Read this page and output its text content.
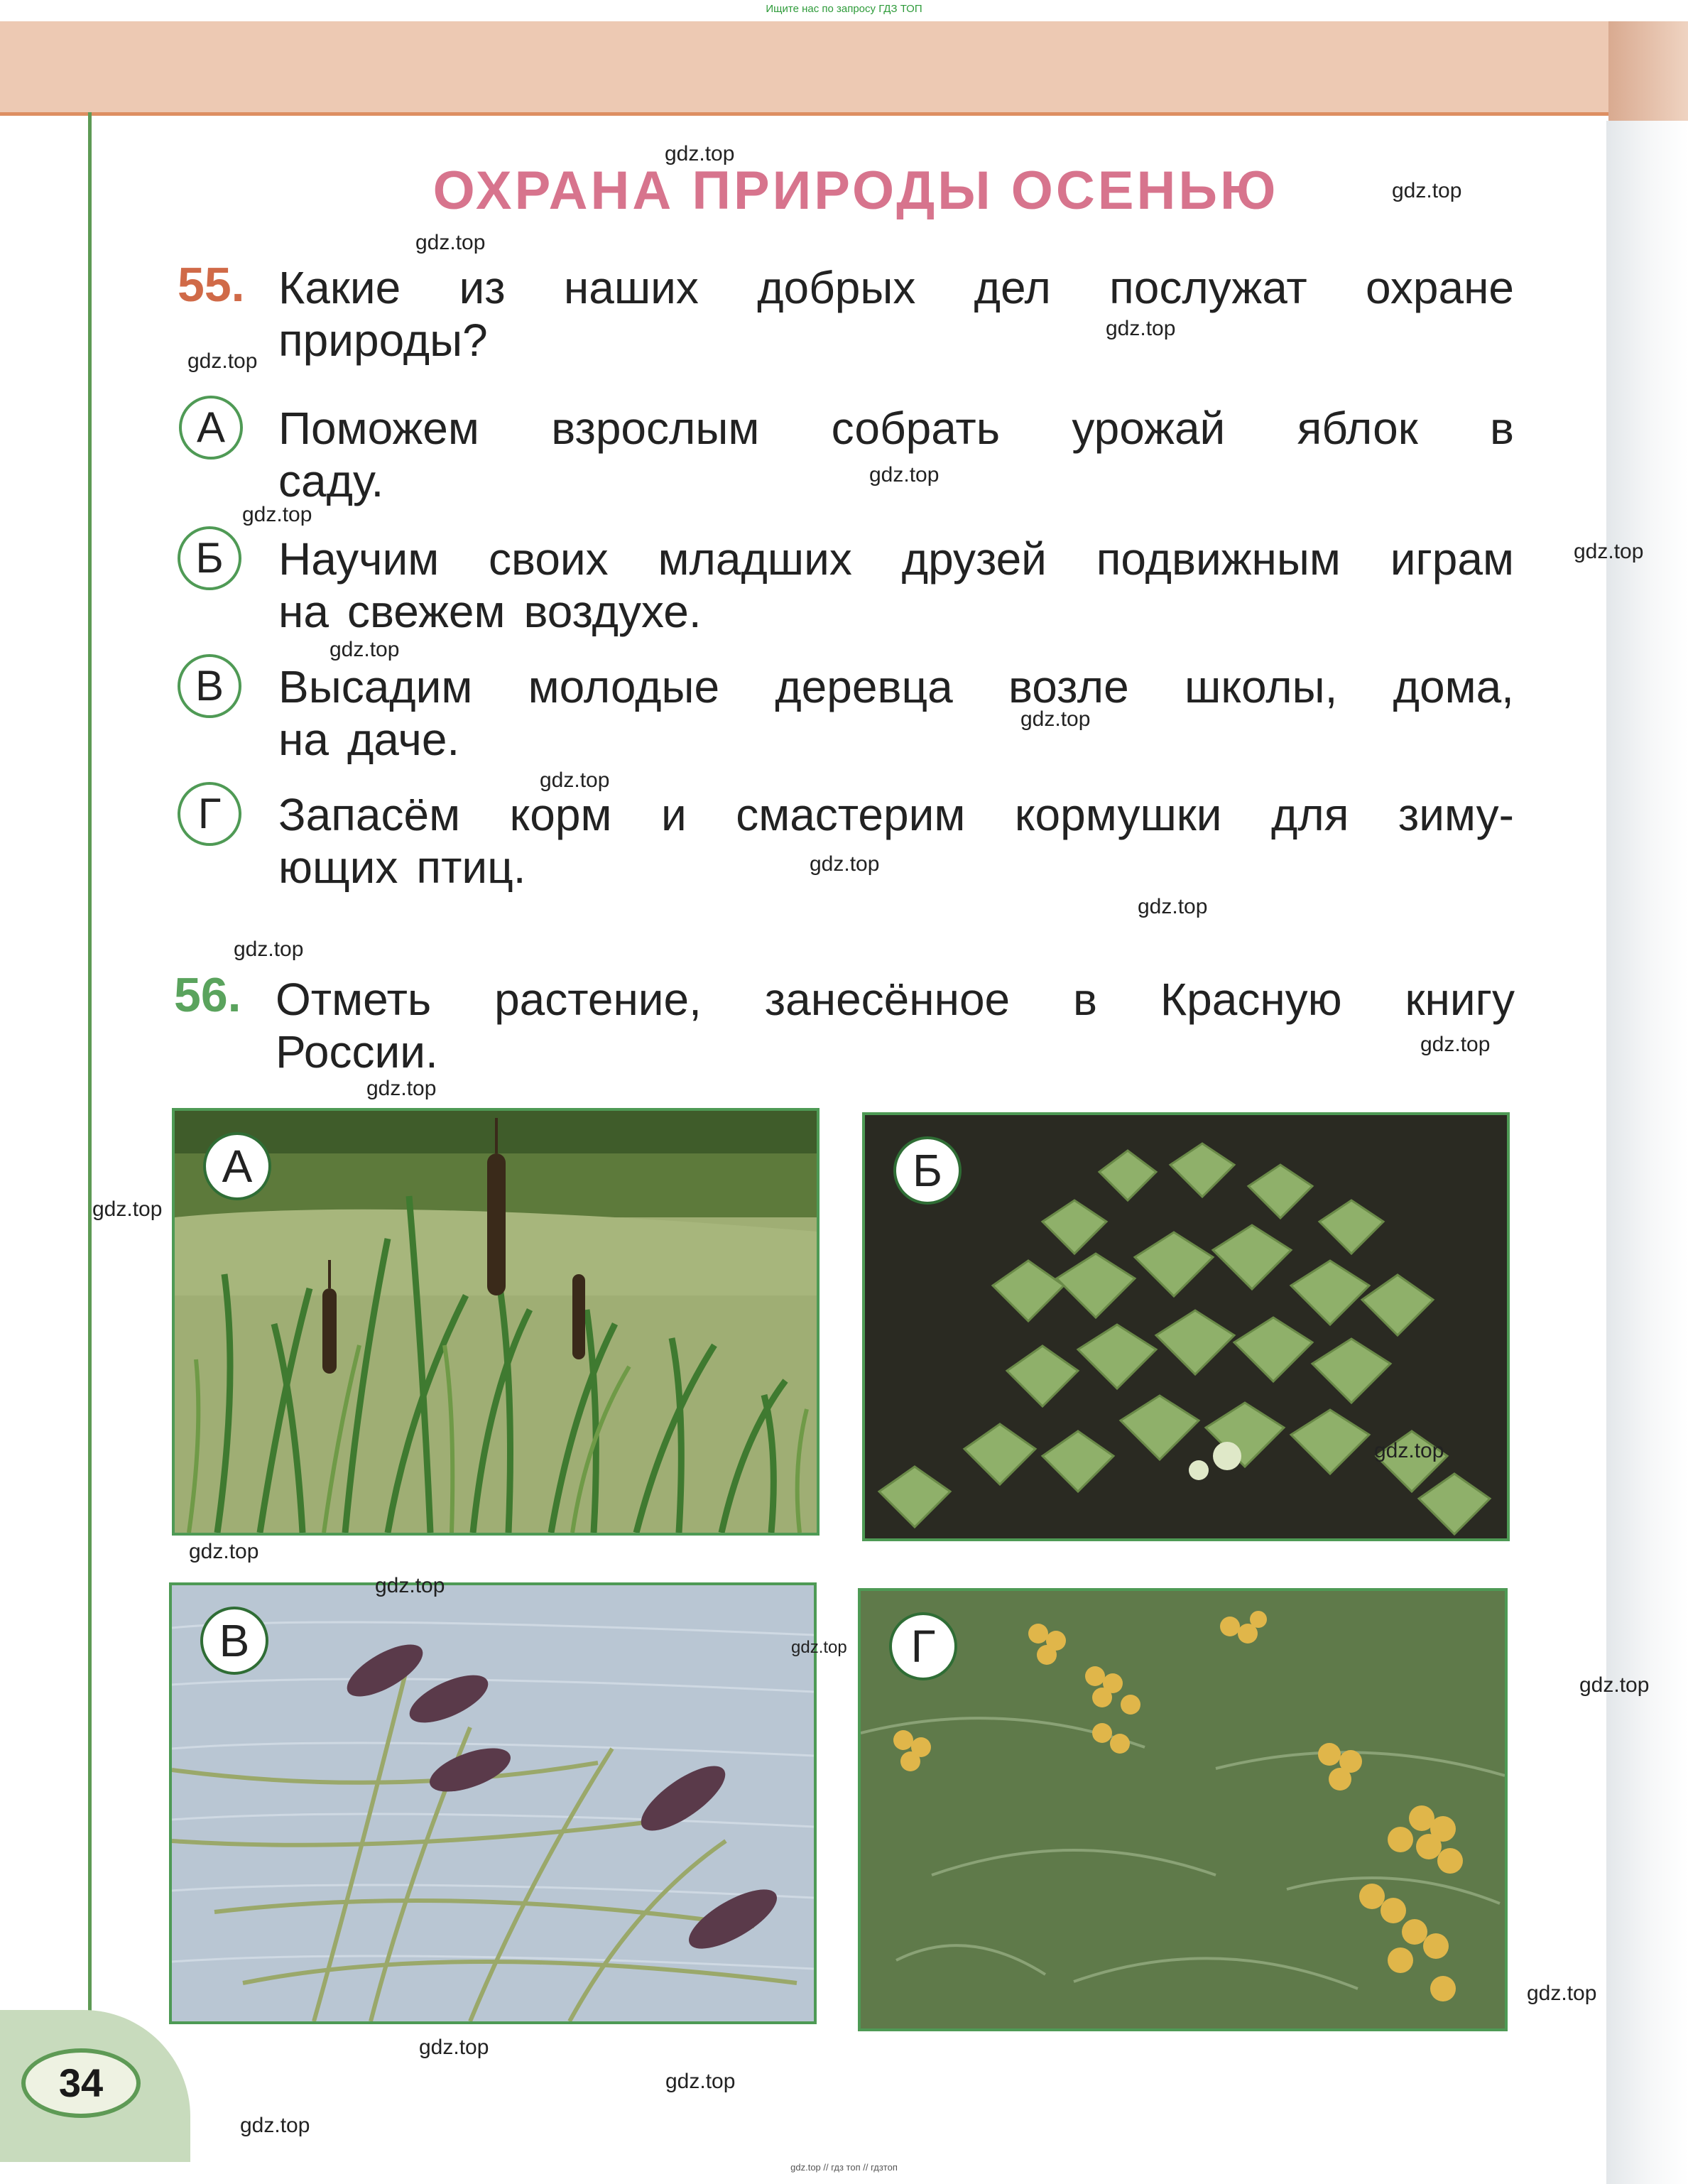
Ищите нас по запросу ГДЗ ТОП
34
gdz.top // гдз топ // гдзтоп
ОХРАНА ПРИРОДЫ ОСЕНЬЮ
55. Какие из наших добрых дел послужат охране
природы?
А	Поможем взрослым собрать урожай яблок в
саду.
Б	Научим своих младших друзей подвижным играм
на свежем воздухе.
В	Высадим молодые деревца возле школы, дома,
на даче.
Г	Запасём корм и смастерим кормушки для зиму-
ющих птиц.
56. Отметь растение, занесённое в Красную книгу
России.
А	Б
В	Г
gdz.top
gdz.top
gdz.top
gdz.top
gdz.top
gdz.top
gdz.top
gdz.top
gdz.top
gdz.top
gdz.top
gdz.top
gdz.top
gdz.top
gdz.top
gdz.top
gdz.top
gdz.top
gdz.top
gdz.top
gdz.top
gdz.top
gdz.top
gdz.top
gdz.top
gdz.top
